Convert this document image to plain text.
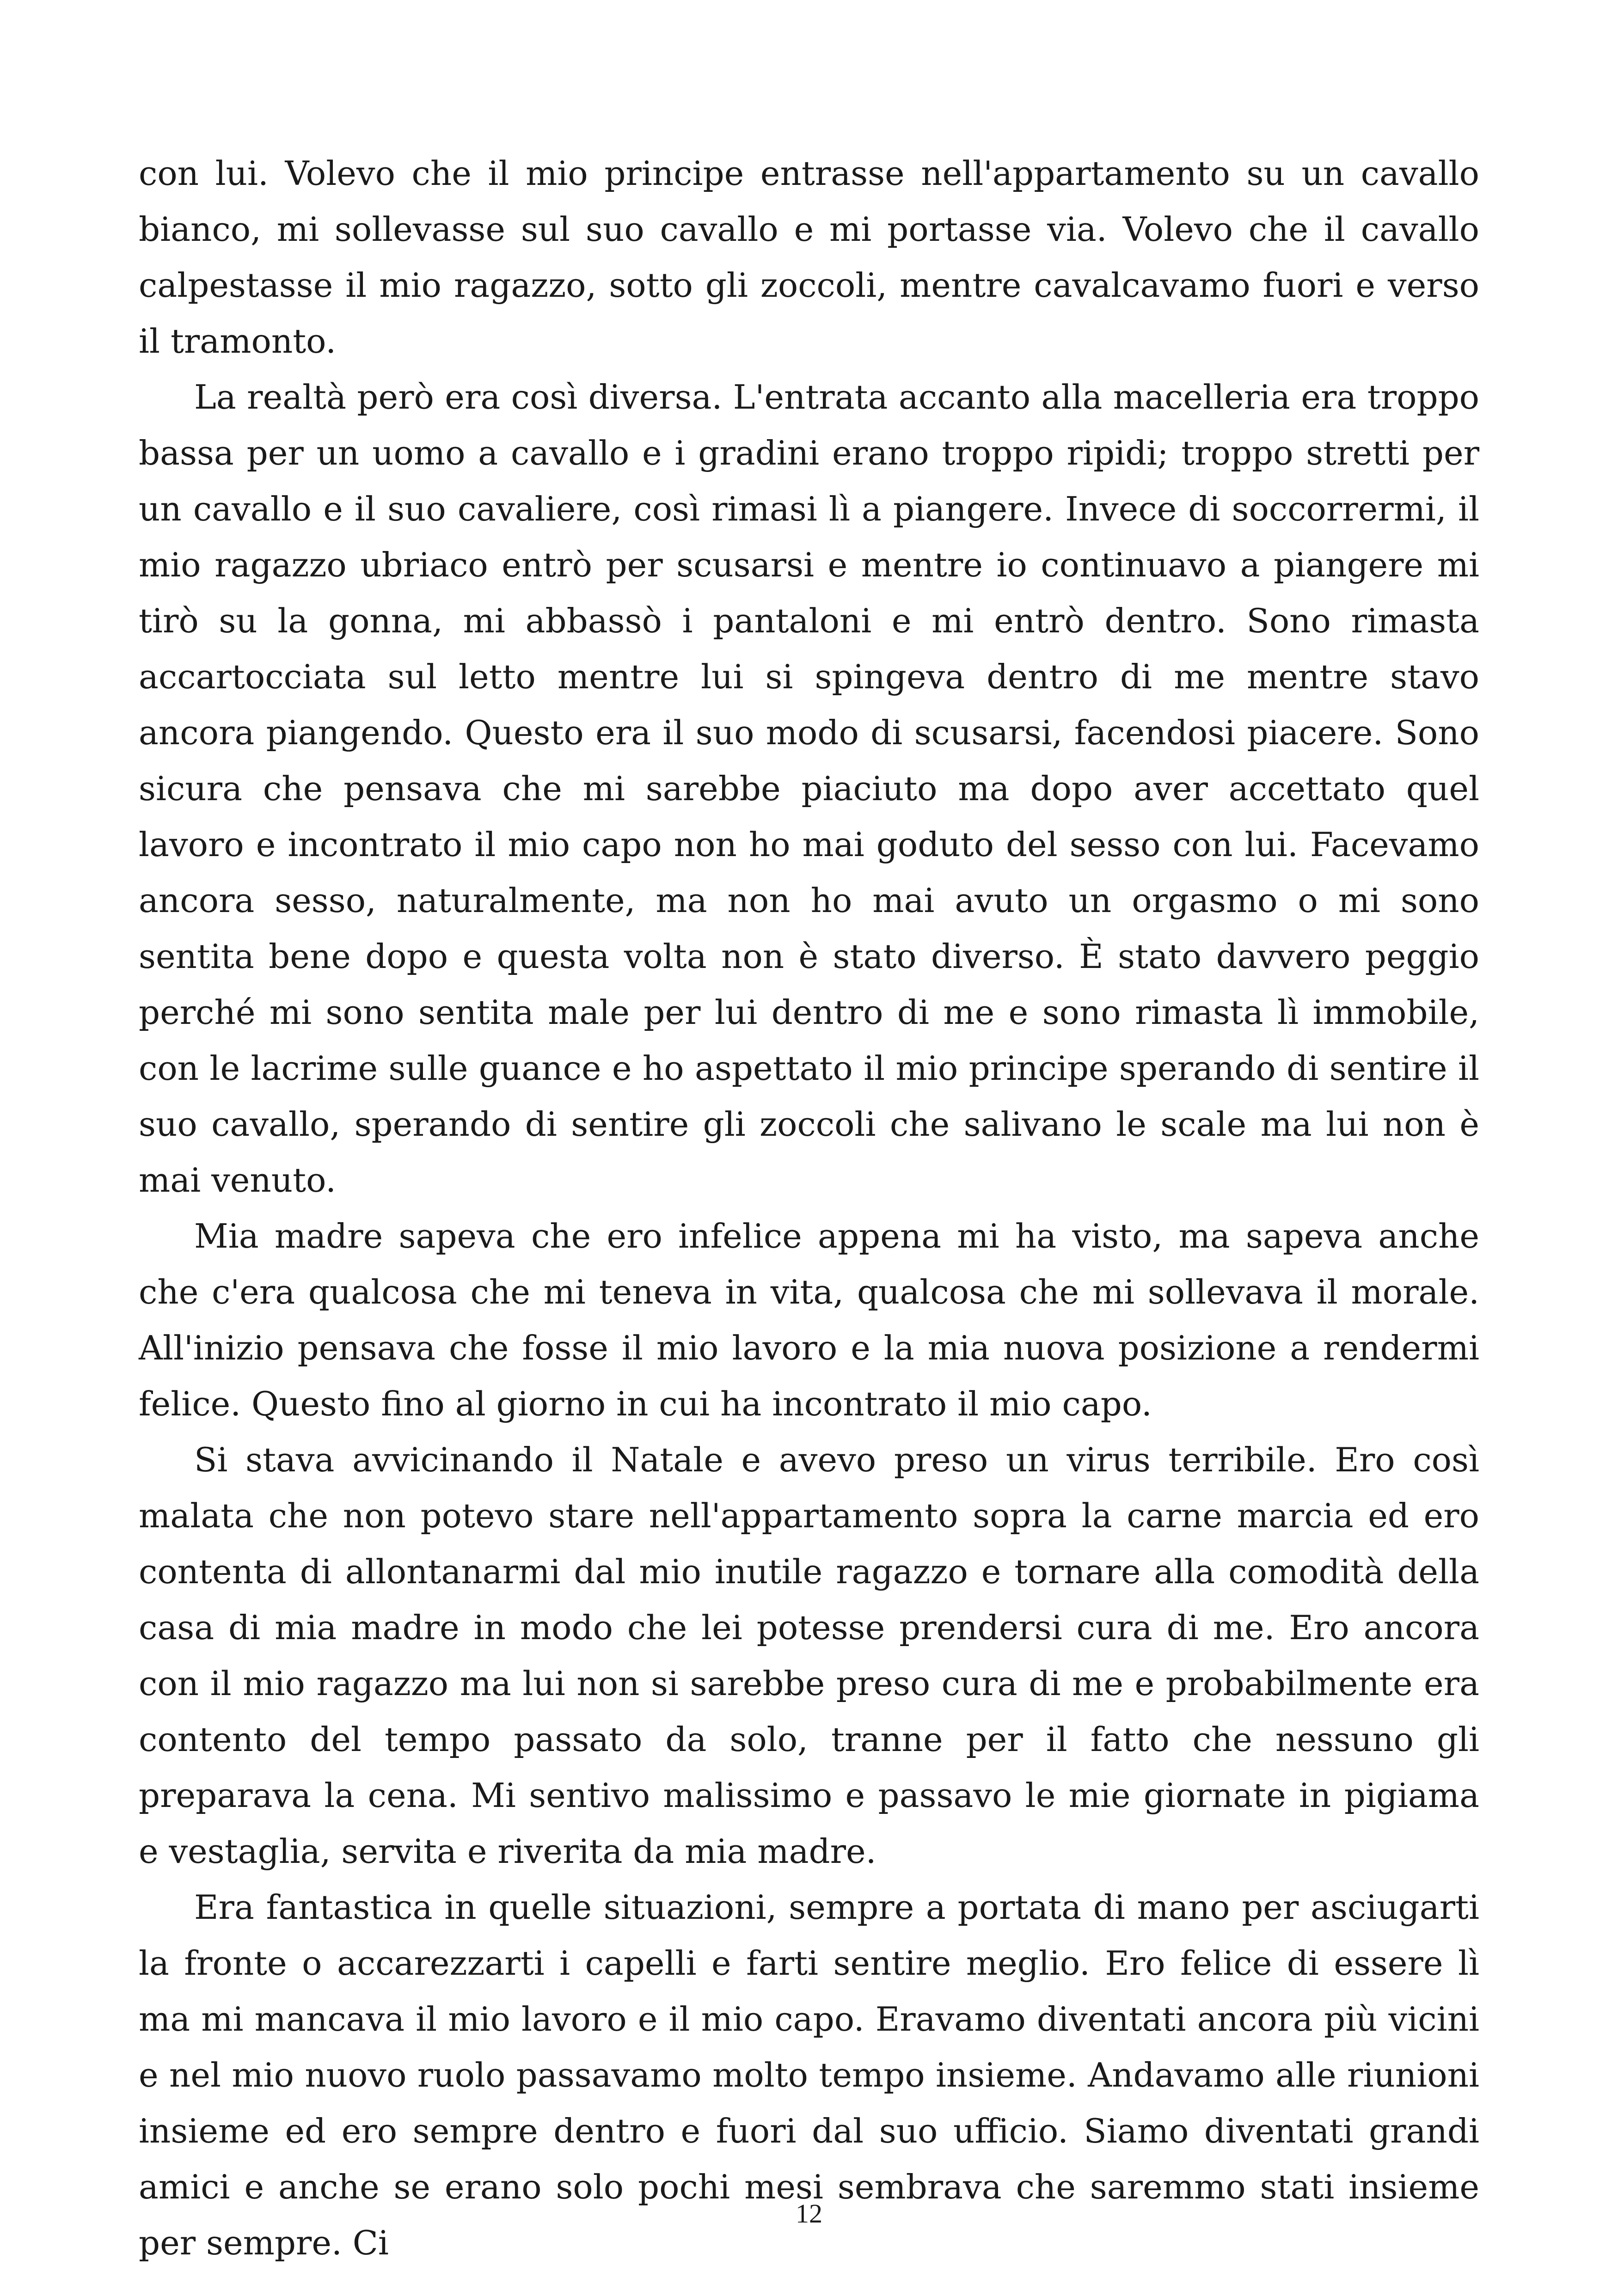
con lui. Volevo che il mio principe entrasse nell'appartamento su un cavallo bianco, mi sollevasse sul suo cavallo e mi portasse via. Volevo che il cavallo calpestasse il mio ragazzo, sotto gli zoccoli, mentre cavalcavamo fuori e verso il tramonto.

La realtà però era così diversa. L'entrata accanto alla macelleria era troppo bassa per un uomo a cavallo e i gradini erano troppo ripidi; troppo stretti per un cavallo e il suo cavaliere, così rimasi lì a piangere. Invece di soccorrermi, il mio ragazzo ubriaco entrò per scusarsi e mentre io continuavo a piangere mi tirò su la gonna, mi abbassò i pantaloni e mi entrò dentro. Sono rimasta accartocciata sul letto mentre lui si spingeva dentro di me mentre stavo ancora piangendo. Questo era il suo modo di scusarsi, facendosi piacere. Sono sicura che pensava che mi sarebbe piaciuto ma dopo aver accettato quel lavoro e incontrato il mio capo non ho mai goduto del sesso con lui. Facevamo ancora sesso, naturalmente, ma non ho mai avuto un orgasmo o mi sono sentita bene dopo e questa volta non è stato diverso. È stato davvero peggio perché mi sono sentita male per lui dentro di me e sono rimasta lì immobile, con le lacrime sulle guance e ho aspettato il mio principe sperando di sentire il suo cavallo, sperando di sentire gli zoccoli che salivano le scale ma lui non è mai venuto.

Mia madre sapeva che ero infelice appena mi ha visto, ma sapeva anche che c'era qualcosa che mi teneva in vita, qualcosa che mi sollevava il morale. All'inizio pensava che fosse il mio lavoro e la mia nuova posizione a rendermi felice. Questo fino al giorno in cui ha incontrato il mio capo.

Si stava avvicinando il Natale e avevo preso un virus terribile. Ero così malata che non potevo stare nell'appartamento sopra la carne marcia ed ero contenta di allontanarmi dal mio inutile ragazzo e tornare alla comodità della casa di mia madre in modo che lei potesse prendersi cura di me. Ero ancora con il mio ragazzo ma lui non si sarebbe preso cura di me e probabilmente era contento del tempo passato da solo, tranne per il fatto che nessuno gli preparava la cena. Mi sentivo malissimo e passavo le mie giornate in pigiama e vestaglia, servita e riverita da mia madre.

Era fantastica in quelle situazioni, sempre a portata di mano per asciugarti la fronte o accarezzarti i capelli e farti sentire meglio. Ero felice di essere lì ma mi mancava il mio lavoro e il mio capo. Eravamo diventati ancora più vicini e nel mio nuovo ruolo passavamo molto tempo insieme. Andavamo alle riunioni insieme ed ero sempre dentro e fuori dal suo ufficio. Siamo diventati grandi amici e anche se erano solo pochi mesi sembrava che saremmo stati insieme per sempre. Ci

12
